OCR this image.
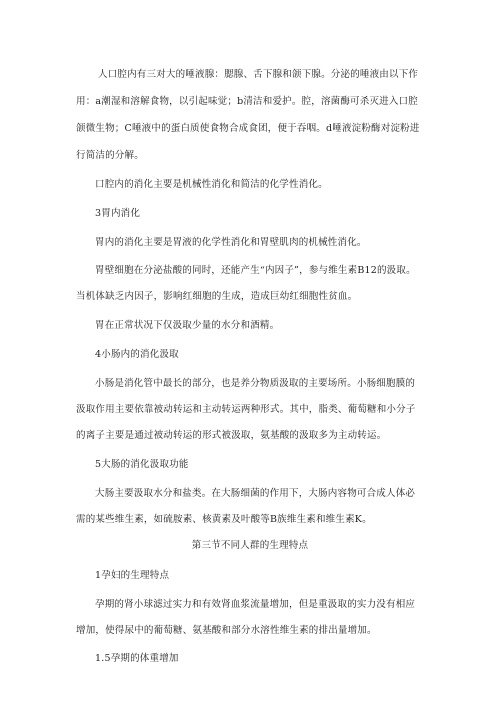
人口腔内有三对大的唾液腺：腮腺、舌下腺和颌下腺。分泌的唾液由以下作
用：a潮湿和溶解食物，以引起味觉；b清洁和爱护。腔，溶菌酶可杀灭进入口腔
颌微生物；C唾液中的蛋白质使食物合成食团，便于吞咽。d唾液淀粉酶对淀粉进
行简洁的分解。
口腔内的消化主要是机械性消化和简洁的化学性消化。
3胃内消化
胃内的消化主要是胃液的化学性消化和胃壁肌肉的机械性消化。
胃壁细胞在分泌盐酸的同时，还能产生“内因子”，参与维生素B12的汲取。
当机体缺乏内因子，影响红细胞的生成，造成巨幼红细胞性贫血。
胃在正常状况下仅汲取少量的水分和酒精。
4小肠内的消化汲取
小肠是消化管中最长的部分，也是养分物质汲取的主要场所。小肠细胞膜的
汲取作用主要依靠被动转运和主动转运两种形式。其中，脂类、葡萄糖和小分子
的离子主要是通过被动转运的形式被汲取，氨基酸的汲取多为主动转运。
5大肠的消化汲取功能
大肠主要汲取水分和盐类。在大肠细菌的作用下，大肠内容物可合成人体必
需的某些维生素，如硫胺素、核黄素及叶酸等B族维生素和维生素K。
第三节不同人群的生理特点
1孕妇的生理特点
孕期的肾小球滤过实力和有效肾血浆流量增加，但是重汲取的实力没有相应
增加，使得尿中的葡萄糖、氨基酸和部分水溶性维生素的排出量增加。
1.5孕期的体重增加
